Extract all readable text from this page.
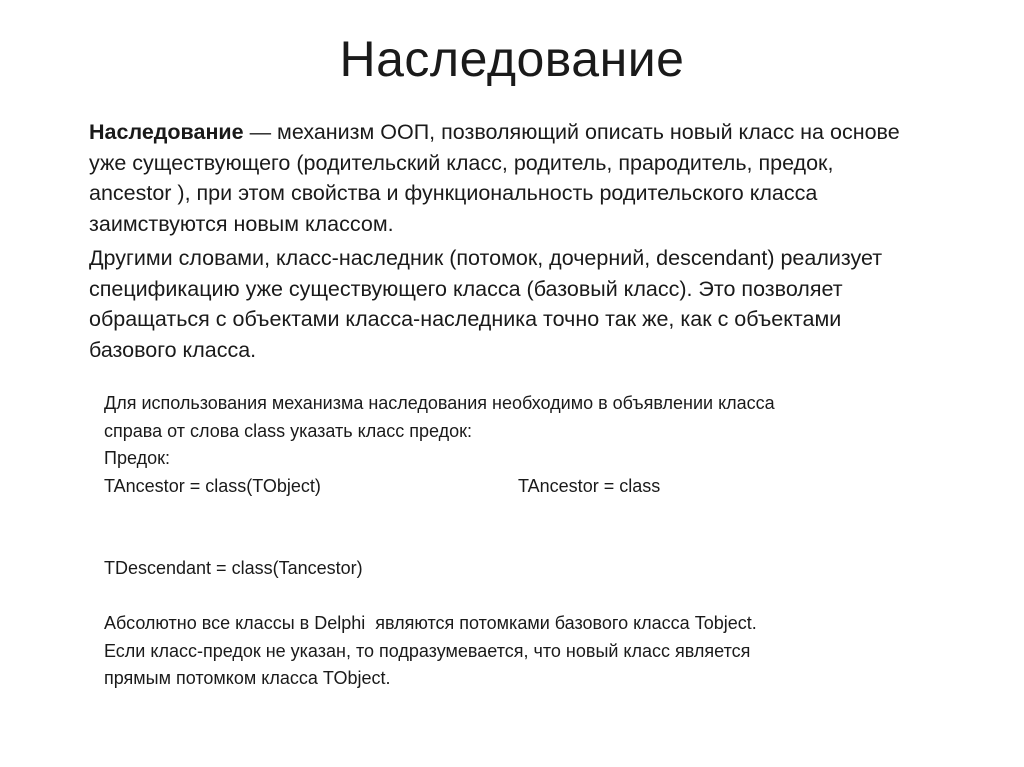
Наследование

Наследование — механизм ООП, позволяющий описать новый класс на основе уже существующего (родительский класс, родитель, прародитель, предок, ancestor ), при этом свойства и функциональность родительского класса заимствуются новым классом.

Другими словами, класс-наследник (потомок, дочерний, descendant) реализует спецификацию уже существующего класса (базовый класс). Это позволяет обращаться с объектами класса-наследника точно так же, как с объектами базового класса.

Для использования механизма наследования необходимо в объявлении класса
справа от слова class указать класс предок:
Предок:
TAncestor = class(TObject)	TAncestor = class
TDescendant = class(Tancestor)
Абсолютно все классы в Delphi  являются потомками базового класса Tobject.
Если класс-предок не указан, то подразумевается, что новый класс является
прямым потомком класса TObject.
